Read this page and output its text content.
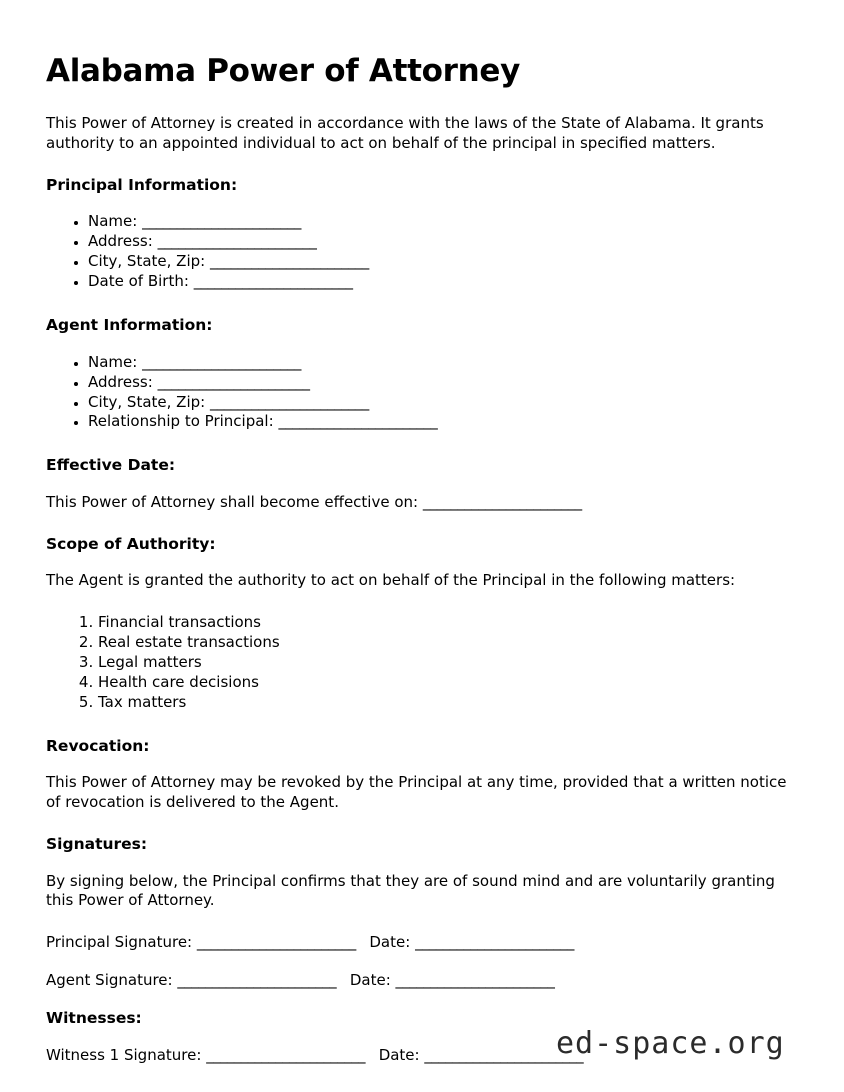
Alabama Power of Attorney

This Power of Attorney is created in accordance with the laws of the State of Alabama. It grants authority to an appointed individual to act on behalf of the principal in specified matters.

Principal Information:
• Name: _______________________
• Address: _______________________
• City, State, Zip: _______________________
• Date of Birth: _______________________
Agent Information:
• Name: _______________________
• Address: ______________________
• City, State, Zip: _______________________
• Relationship to Principal: _______________________
Effective Date:

This Power of Attorney shall become effective on: _______________________

Scope of Authority:

The Agent is granted the authority to act on behalf of the Principal in the following matters:

1. Financial transactions
2. Real estate transactions
3. Legal matters
4. Health care decisions
5. Tax matters
Revocation:

This Power of Attorney may be revoked by the Principal at any time, provided that a written notice of revocation is delivered to the Agent.

Signatures:

By signing below, the Principal confirms that they are of sound mind and are voluntarily granting this Power of Attorney.

Principal Signature: _______________________ Date: _______________________
Agent Signature: _______________________ Date: _______________________
Witnesses:
Witness 1 Signature: _______________________ Date: _______________________
ed-space.org
